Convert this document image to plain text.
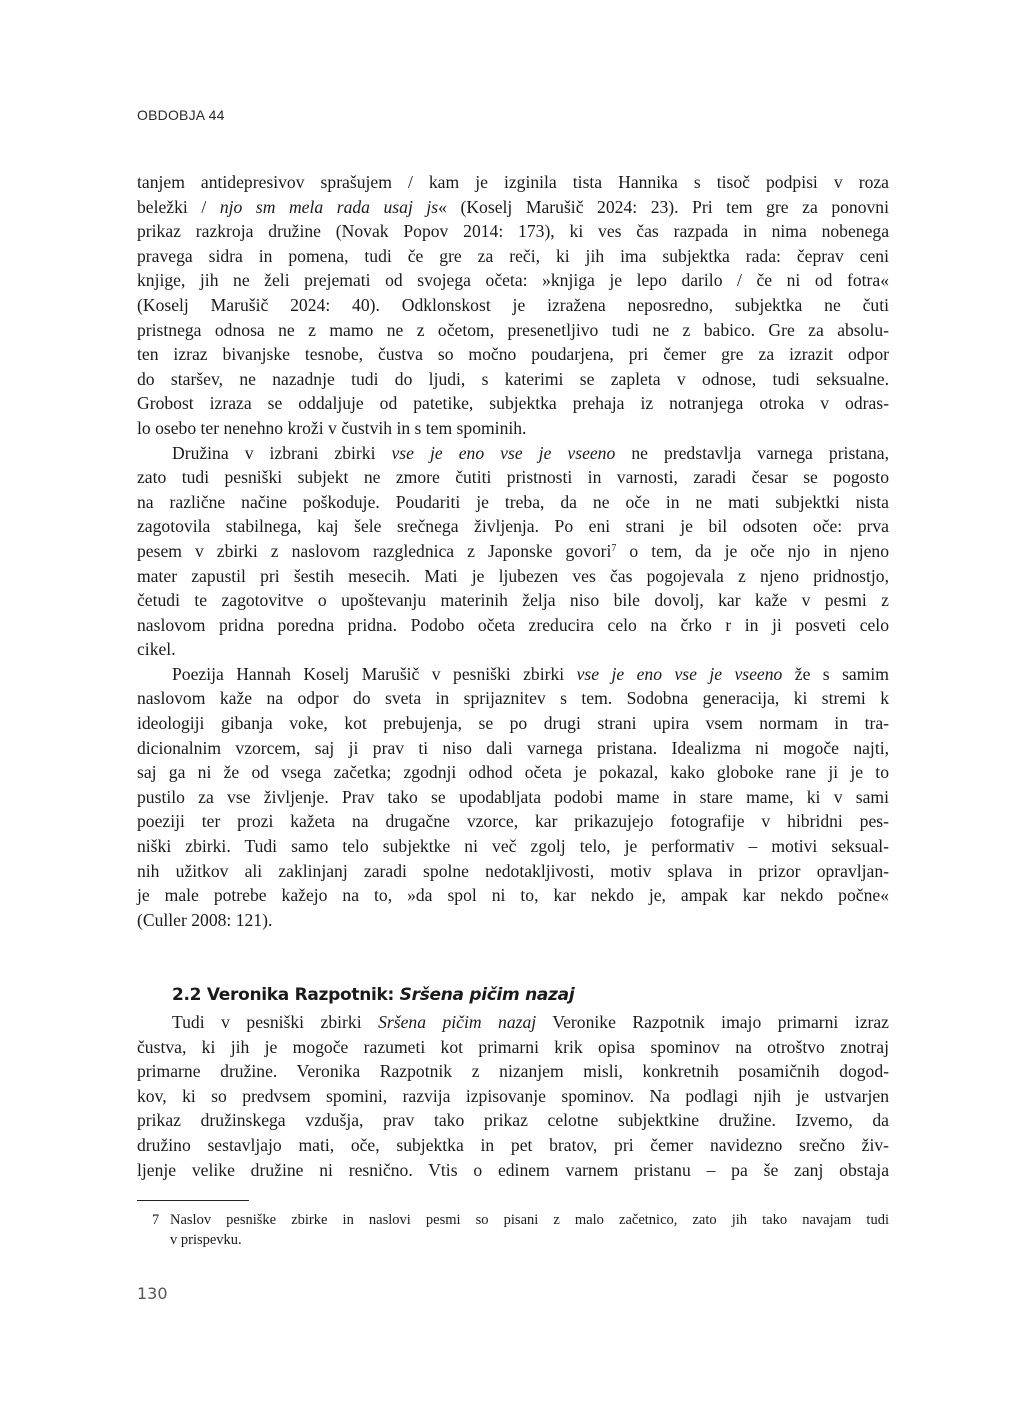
OBDOBJA 44
tanjem antidepresivov sprašujem / kam je izginila tista Hannika s tisoč podpisi v roza
beležki / njo sm mela rada usaj js« (Koselj Marušič 2024: 23). Pri tem gre za ponovni
prikaz razkroja družine (Novak Popov 2014: 173), ki ves čas razpada in nima nobenega
pravega sidra in pomena, tudi če gre za reči, ki jih ima subjektka rada: čeprav ceni
knjige, jih ne želi prejemati od svojega očeta: »knjiga je lepo darilo / če ni od fotra«
(Koselj Marušič 2024: 40). Odklonskost je izražena neposredno, subjektka ne čuti
pristnega odnosa ne z mamo ne z očetom, presenetljivo tudi ne z babico. Gre za absolu-
ten izraz bivanjske tesnobe, čustva so močno poudarjena, pri čemer gre za izrazit odpor
do staršev, ne nazadnje tudi do ljudi, s katerimi se zapleta v odnose, tudi seksualne.
Grobost izraza se oddaljuje od patetike, subjektka prehaja iz notranjega otroka v odras-
lo osebo ter nenehno kroži v čustvih in s tem spominih.
Družina v izbrani zbirki vse je eno vse je vseeno ne predstavlja varnega pristana,
zato tudi pesniški subjekt ne zmore čutiti pristnosti in varnosti, zaradi česar se pogosto
na različne načine poškoduje. Poudariti je treba, da ne oče in ne mati subjektki nista
zagotovila stabilnega, kaj šele srečnega življenja. Po eni strani je bil odsoten oče: prva
pesem v zbirki z naslovom razglednica z Japonske govori$^7$ o tem, da je oče njo in njeno
mater zapustil pri šestih mesecih. Mati je ljubezen ves čas pogojevala z njeno pridnostjo,
četudi te zagotovitve o upoštevanju materinih želja niso bile dovolj, kar kaže v pesmi z
naslovom pridna poredna pridna. Podobo očeta zreducira celo na črko r in ji posveti celo
cikel.
Poezija Hannah Koselj Marušič v pesniški zbirki vse je eno vse je vseeno že s samim
naslovom kaže na odpor do sveta in sprijaznitev s tem. Sodobna generacija, ki stremi k
ideologiji gibanja voke, kot prebujenja, se po drugi strani upira vsem normam in tra-
dicionalnim vzorcem, saj ji prav ti niso dali varnega pristana. Idealizma ni mogoče najti,
saj ga ni že od vsega začetka; zgodnji odhod očeta je pokazal, kako globoke rane ji je to
pustilo za vse življenje. Prav tako se upodabljata podobi mame in stare mame, ki v sami
poeziji ter prozi kažeta na drugačne vzorce, kar prikazujejo fotografije v hibridni pes-
niški zbirki. Tudi samo telo subjektke ni več zgolj telo, je performativ – motivi seksual-
nih užitkov ali zaklinjanj zaradi spolne nedotakljivosti, motiv splava in prizor opravljan-
je male potrebe kažejo na to, »da spol ni to, kar nekdo je, ampak kar nekdo počne«
(Culler 2008: 121).
2.2 Veronika Razpotnik: Sršena pičim nazaj
Tudi v pesniški zbirki Sršena pičim nazaj Veronike Razpotnik imajo primarni izraz
čustva, ki jih je mogoče razumeti kot primarni krik opisa spominov na otroštvo znotraj
primarne družine. Veronika Razpotnik z nizanjem misli, konkretnih posamičnih dogod-
kov, ki so predvsem spomini, razvija izpisovanje spominov. Na podlagi njih je ustvarjen
prikaz družinskega vzdušja, prav tako prikaz celotne subjektkine družine. Izvemo, da
družino sestavljajo mati, oče, subjektka in pet bratov, pri čemer navidezno srečno živ-
ljenje velike družine ni resnično. Vtis o edinem varnem pristanu – pa še zanj obstaja
7 Naslov pesniške zbirke in naslovi pesmi so pisani z malo začetnico, zato jih tako navajam tudi
v prispevku.
130
